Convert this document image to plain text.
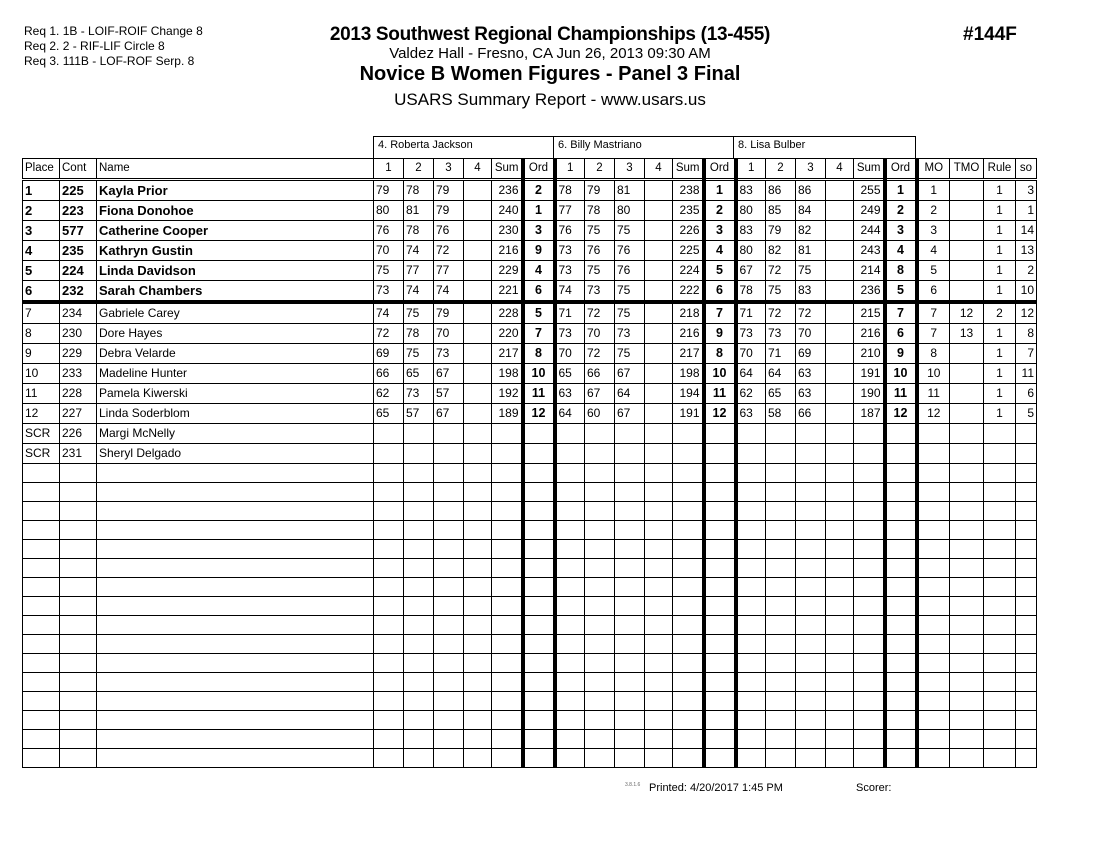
Req 1. 1B - LOIF-ROIF Change 8
Req 2. 2 - RIF-LIF Circle 8
Req 3. 111B - LOF-ROF Serp. 8
2013 Southwest Regional Championships (13-455)
Valdez Hall - Fresno, CA Jun 26, 2013 09:30 AM
Novice B Women Figures - Panel 3 Final
USARS Summary Report - www.usars.us
#144F
4. Roberta Jackson	6. Billy Mastriano	8. Lisa Bulber
Place	Cont	Name	1	2	3	4	Sum	Ord	1	2	3	4	Sum	Ord	1	2	3	4	Sum	Ord	MO	TMO	Rule	so
1	225	Kayla Prior	79	78	79		236	2	78	79	81		238	1	83	86	86		255	1	1		1	3
2	223	Fiona Donohoe	80	81	79		240	1	77	78	80		235	2	80	85	84		249	2	2		1	1
3	577	Catherine Cooper	76	78	76		230	3	76	75	75		226	3	83	79	82		244	3	3		1	14
4	235	Kathryn Gustin	70	74	72		216	9	73	76	76		225	4	80	82	81		243	4	4		1	13
5	224	Linda Davidson	75	77	77		229	4	73	75	76		224	5	67	72	75		214	8	5		1	2
6	232	Sarah Chambers	73	74	74		221	6	74	73	75		222	6	78	75	83		236	5	6		1	10
7	234	Gabriele Carey	74	75	79		228	5	71	72	75		218	7	71	72	72		215	7	7	12	2	12
8	230	Dore Hayes	72	78	70		220	7	73	70	73		216	9	73	73	70		216	6	7	13	1	8
9	229	Debra Velarde	69	75	73		217	8	70	72	75		217	8	70	71	69		210	9	8		1	7
10	233	Madeline Hunter	66	65	67		198	10	65	66	67		198	10	64	64	63		191	10	10		1	11
11	228	Pamela Kiwerski	62	73	57		192	11	63	67	64		194	11	62	65	63		190	11	11		1	6
12	227	Linda Soderblom	65	57	67		189	12	64	60	67		191	12	63	58	66		187	12	12		1	5
SCR	226	Margi McNelly																						
SCR	231	Sheryl Delgado																						

3.8.1.6 Printed: 4/20/2017 1:45 PM	Scorer:
